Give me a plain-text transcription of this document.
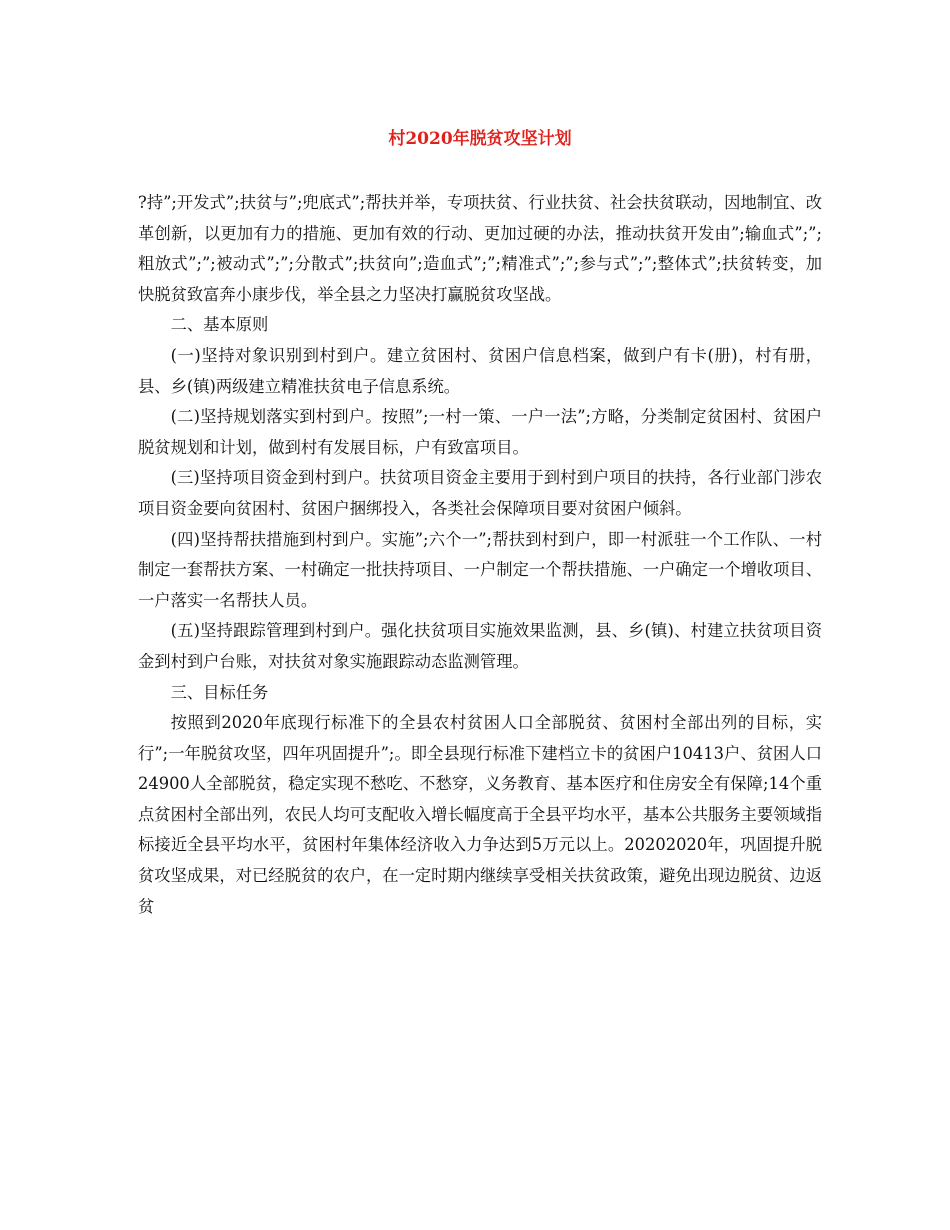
村2020年脱贫攻坚计划

?持”;开发式”;扶贫与”;兜底式”;帮扶并举，专项扶贫、行业扶贫、社会扶贫联动，因地制宜、改革创新，以更加有力的措施、更加有效的行动、更加过硬的办法，推动扶贫开发由”;输血式”;”;粗放式”;”;被动式”;”;分散式”;扶贫向”;造血式”;”;精准式”;”;参与式”;”;整体式”;扶贫转变，加快脱贫致富奔小康步伐，举全县之力坚决打赢脱贫攻坚战。

二、基本原则

(一)坚持对象识别到村到户。建立贫困村、贫困户信息档案，做到户有卡(册)，村有册，县、乡(镇)两级建立精准扶贫电子信息系统。

(二)坚持规划落实到村到户。按照”;一村一策、一户一法”;方略，分类制定贫困村、贫困户脱贫规划和计划，做到村有发展目标，户有致富项目。

(三)坚持项目资金到村到户。扶贫项目资金主要用于到村到户项目的扶持，各行业部门涉农项目资金要向贫困村、贫困户捆绑投入，各类社会保障项目要对贫困户倾斜。

(四)坚持帮扶措施到村到户。实施”;六个一”;帮扶到村到户，即一村派驻一个工作队、一村制定一套帮扶方案、一村确定一批扶持项目、一户制定一个帮扶措施、一户确定一个增收项目、一户落实一名帮扶人员。

(五)坚持跟踪管理到村到户。强化扶贫项目实施效果监测，县、乡(镇)、村建立扶贫项目资金到村到户台账，对扶贫对象实施跟踪动态监测管理。

三、目标任务

按照到2020年底现行标准下的全县农村贫困人口全部脱贫、贫困村全部出列的目标，实行”;一年脱贫攻坚，四年巩固提升”;。即全县现行标准下建档立卡的贫困户10413户、贫困人口24900人全部脱贫，稳定实现不愁吃、不愁穿，义务教育、基本医疗和住房安全有保障;14个重点贫困村全部出列，农民人均可支配收入增长幅度高于全县平均水平，基本公共服务主要领域指标接近全县平均水平，贫困村年集体经济收入力争达到5万元以上。20202020年，巩固提升脱贫攻坚成果，对已经脱贫的农户，在一定时期内继续享受相关扶贫政策，避免出现边脱贫、边返贫
